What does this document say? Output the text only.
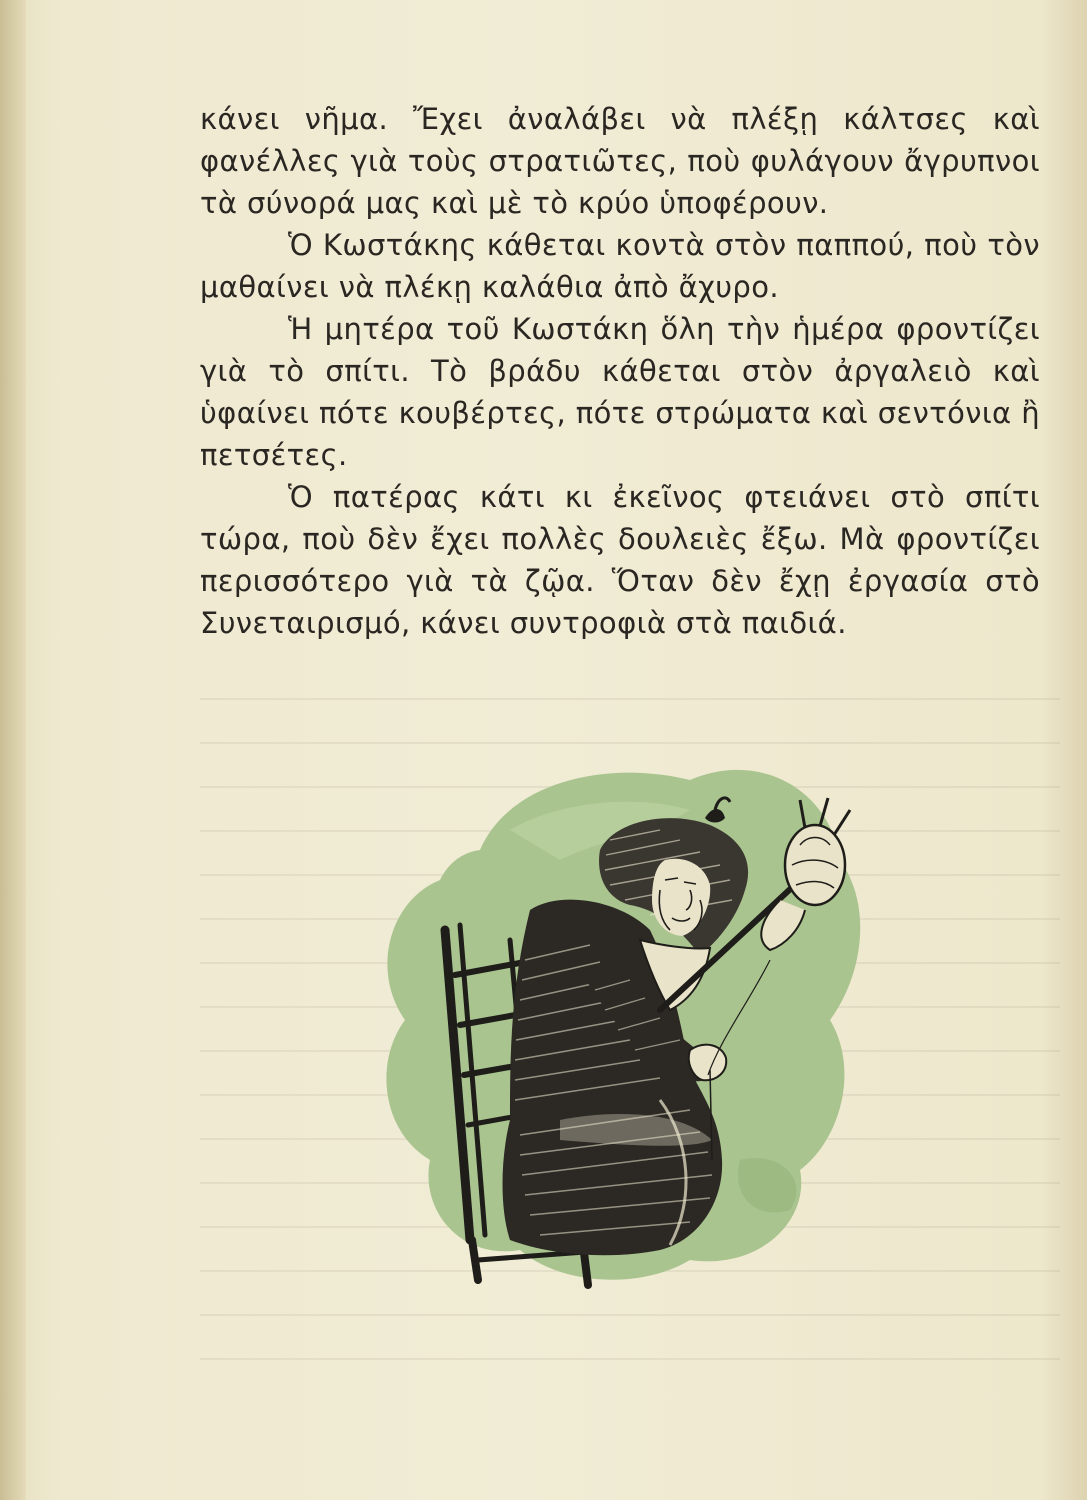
κάνει νῆμα. Ἔχει ἀναλάβει νὰ πλέξῃ κάλτσες καὶ φανέλλες γιὰ τοὺς στρατιῶτες, ποὺ φυλάγουν ἄγρυπνοι τὰ σύνορά μας καὶ μὲ τὸ κρύο ὑποφέρουν.

Ὁ Κωστάκης κάθεται κοντὰ στὸν παππού, ποὺ τὸν μαθαίνει νὰ πλέκῃ καλάθια ἀπὸ ἄχυρο.

Ἡ μητέρα τοῦ Κωστάκη ὅλη τὴν ἡμέρα φροντίζει γιὰ τὸ σπίτι. Τὸ βράδυ κάθεται στὸν ἀργαλειὸ καὶ ὑφαίνει πότε κουβέρτες, πότε στρώματα καὶ σεντόνια ἢ πετσέτες.

Ὁ πατέρας κάτι κι ἐκεῖνος φτειάνει στὸ σπίτι τώρα, ποὺ δὲν ἔχει πολλὲς δουλειὲς ἔξω. Μὰ φροντίζει περισσότερο γιὰ τὰ ζῷα. Ὅταν δὲν ἔχῃ ἐργασία στὸ Συνεταιρισμό, κάνει συντροφιὰ στὰ παιδιά.
